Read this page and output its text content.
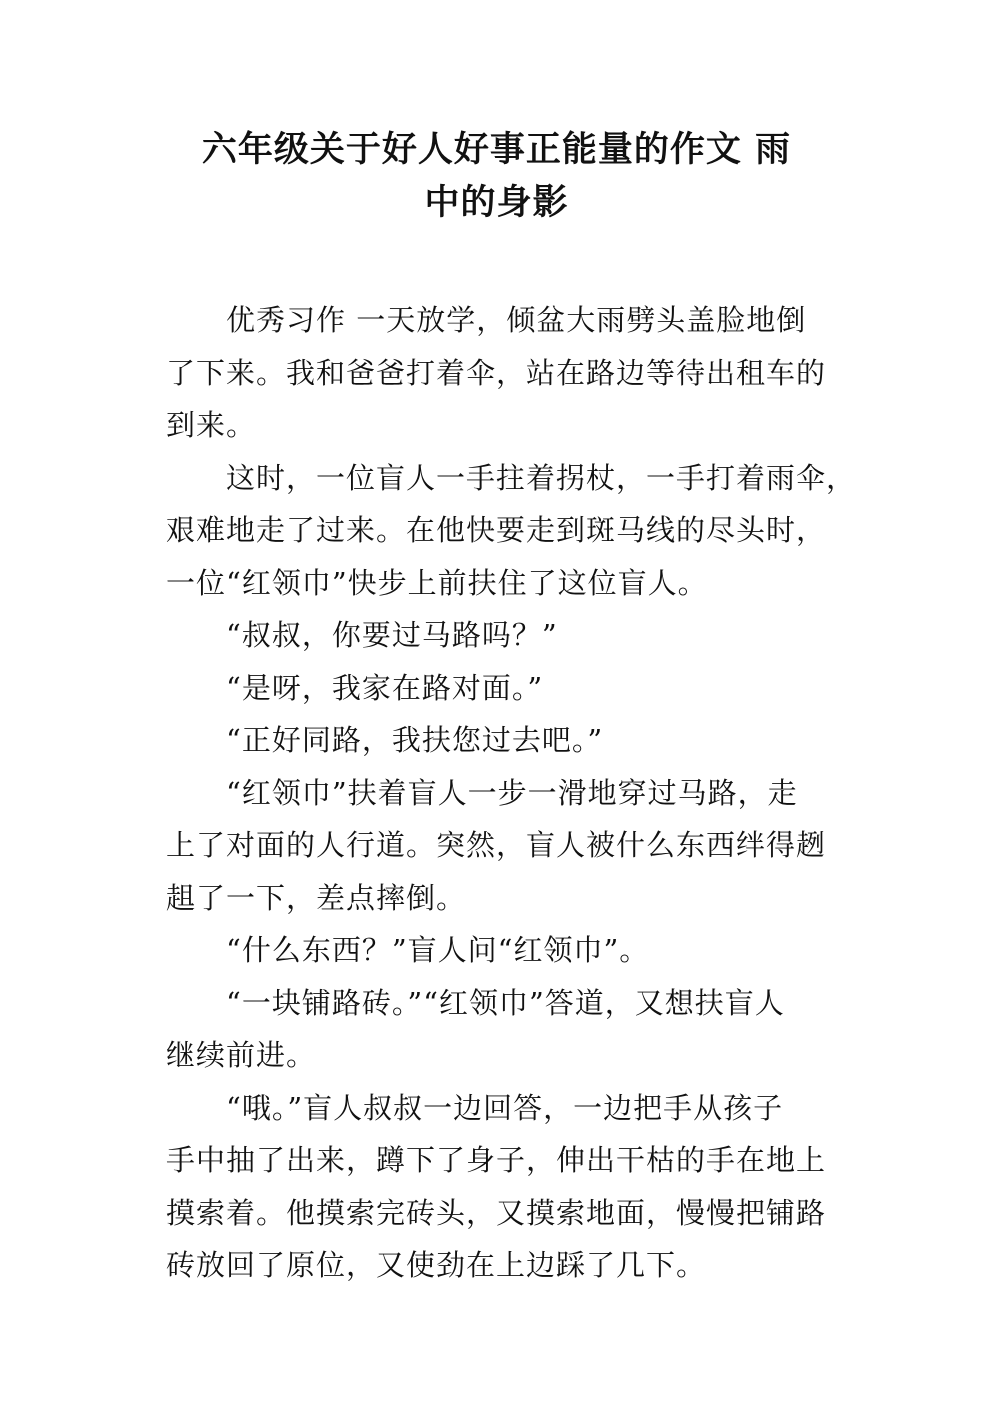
六年级关于好人好事正能量的作文 雨
中的身影
优秀习作 一天放学，倾盆大雨劈头盖脸地倒
了下来。我和爸爸打着伞，站在路边等待出租车的
到来。
这时，一位盲人一手拄着拐杖，一手打着雨伞，
艰难地走了过来。在他快要走到斑马线的尽头时，
一位“红领巾”快步上前扶住了这位盲人。
“叔叔，你要过马路吗？”
“是呀，我家在路对面。”
“正好同路，我扶您过去吧。”
“红领巾”扶着盲人一步一滑地穿过马路，走
上了对面的人行道。突然，盲人被什么东西绊得趔
趄了一下，差点摔倒。
“什么东西？”盲人问“红领巾”。
“一块铺路砖。”“红领巾”答道，又想扶盲人
继续前进。
“哦。”盲人叔叔一边回答，一边把手从孩子
手中抽了出来，蹲下了身子，伸出干枯的手在地上
摸索着。他摸索完砖头，又摸索地面，慢慢把铺路
砖放回了原位，又使劲在上边踩了几下。
